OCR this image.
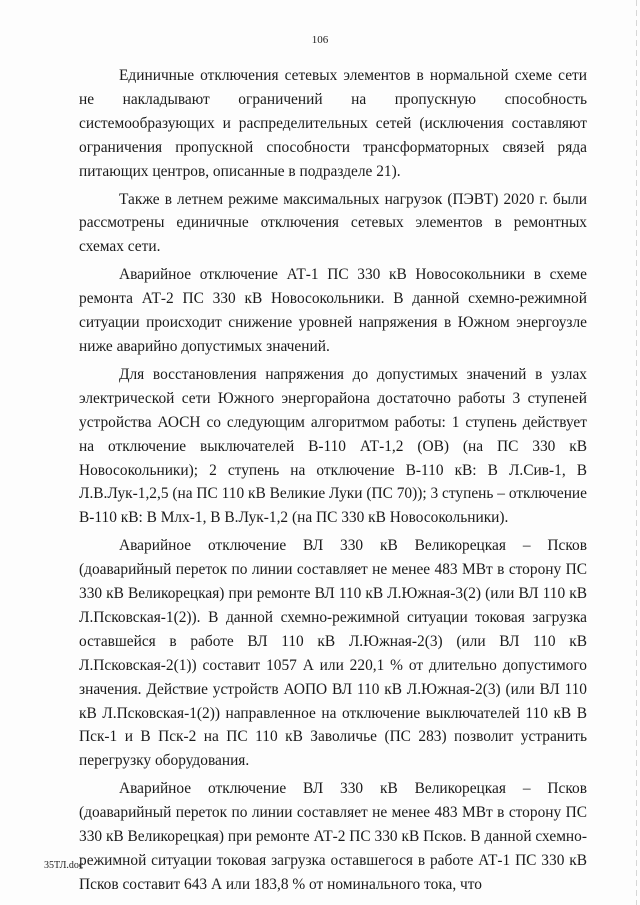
106

Единичные отключения сетевых элементов в нормальной схеме сети не накладывают ограничений на пропускную способность системообразующих и распределительных сетей (исключения составляют ограничения пропускной способности трансформаторных связей ряда питающих центров, описанные в подразделе 21).

Также в летнем режиме максимальных нагрузок (ПЭВТ) 2020 г. были рассмотрены единичные отключения сетевых элементов в ремонтных схемах сети.

Аварийное отключение АТ-1 ПС 330 кВ Новосокольники в схеме ремонта АТ-2 ПС 330 кВ Новосокольники. В данной схемно-режимной ситуации происходит снижение уровней напряжения в Южном энергоузле ниже аварийно допустимых значений.

Для восстановления напряжения до допустимых значений в узлах электрической сети Южного энергорайона достаточно работы 3 ступеней устройства АОСН со следующим алгоритмом работы: 1 ступень действует на отключение выключателей В-110 АТ-1,2 (ОВ) (на ПС 330 кВ Новосокольники); 2 ступень на отключение В-110 кВ: В Л.Сив-1, В Л.В.Лук-1,2,5 (на ПС 110 кВ Великие Луки (ПС 70)); 3 ступень – отключение В-110 кВ: В Млх-1, В В.Лук-1,2 (на ПС 330 кВ Новосокольники).

Аварийное отключение ВЛ 330 кВ Великорецкая – Псков (доаварийный переток по линии составляет не менее 483 МВт в сторону ПС 330 кВ Великорецкая) при ремонте ВЛ 110 кВ Л.Южная-3(2) (или ВЛ 110 кВ Л.Псковская-1(2)). В данной схемно-режимной ситуации токовая загрузка оставшейся в работе ВЛ 110 кВ Л.Южная-2(3) (или ВЛ 110 кВ Л.Псковская-2(1)) составит 1057 А или 220,1 % от длительно допустимого значения. Действие устройств АОПО ВЛ 110 кВ Л.Южная-2(3) (или ВЛ 110 кВ Л.Псковская-1(2)) направленное на отключение выключателей 110 кВ В Пск-1 и В Пск-2 на ПС 110 кВ Заволичье (ПС 283) позволит устранить перегрузку оборудования.

Аварийное отключение ВЛ 330 кВ Великорецкая – Псков (доаварийный переток по линии составляет не менее 483 МВт в сторону ПС 330 кВ Великорецкая) при ремонте АТ-2 ПС 330 кВ Псков. В данной схемно-режимной ситуации токовая загрузка оставшегося в работе АТ-1 ПС 330 кВ Псков составит 643 А или 183,8 % от номинального тока, что

35ТЛ.doc
